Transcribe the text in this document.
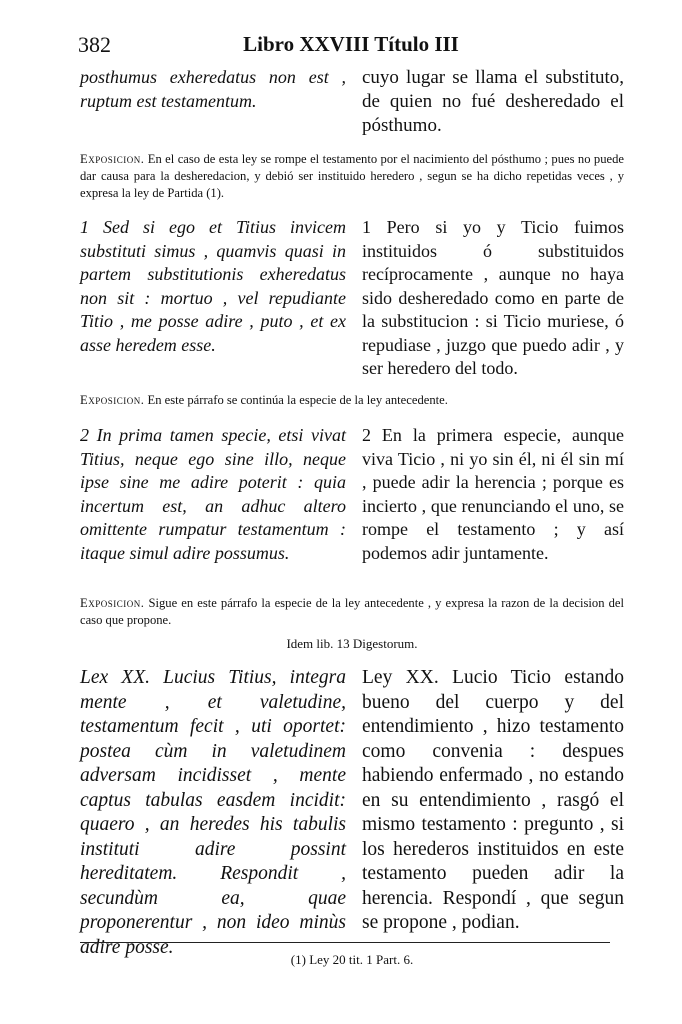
382	Libro XXVIII Título III

posthumus exheredatus non est , ruptum est testamentum.

cuyo lugar se llama el substituto, de quien no fué desheredado el pósthumo.

Exposicion. En el caso de esta ley se rompe el testamento por el nacimiento del pósthumo ; pues no puede dar causa para la desheredacion, y debió ser instituido heredero , segun se ha dicho repetidas veces , y expresa la ley de Partida (1).

1 Sed si ego et Titius invicem substituti simus , quamvis quasi in partem substitutionis exheredatus non sit : mortuo , vel repudiante Titio , me posse adire , puto , et ex asse heredem esse.

1 Pero si yo y Ticio fuimos instituidos ó substituidos recíprocamente , aunque no haya sido desheredado como en parte de la substitucion : si Ticio muriese, ó repudiase , juzgo que puedo adir , y ser heredero del todo.

Exposicion. En este párrafo se continúa la especie de la ley antecedente.

2 In prima tamen specie, etsi vivat Titius, neque ego sine illo, neque ipse sine me adire poterit : quia incertum est, an adhuc altero omittente rumpatur testamentum : itaque simul adire possumus.

2 En la primera especie, aunque viva Ticio , ni yo sin él, ni él sin mí , puede adir la herencia ; porque es incierto , que renunciando el uno, se rompe el testamento ; y así podemos adir juntamente.

Exposicion. Sigue en este párrafo la especie de la ley antecedente , y expresa la razon de la decision del caso que propone.
Idem lib. 13 Digestorum.

Lex XX. Lucius Titius, integra mente , et valetudine, testamentum fecit , uti oportet: postea cùm in valetudinem adversam incidisset , mente captus tabulas easdem incidit: quaero , an heredes his tabulis instituti adire possint hereditatem. Respondit , secundùm ea, quae proponerentur , non ideo minùs adire posse.

Ley XX. Lucio Ticio estando bueno del cuerpo y del entendimiento , hizo testamento como convenia : despues habiendo enfermado , no estando en su entendimiento , rasgó el mismo testamento : pregunto , si los herederos instituidos en este testamento pueden adir la herencia. Respondí , que segun se propone , podian.

(1) Ley 20 tit. 1 Part. 6.
